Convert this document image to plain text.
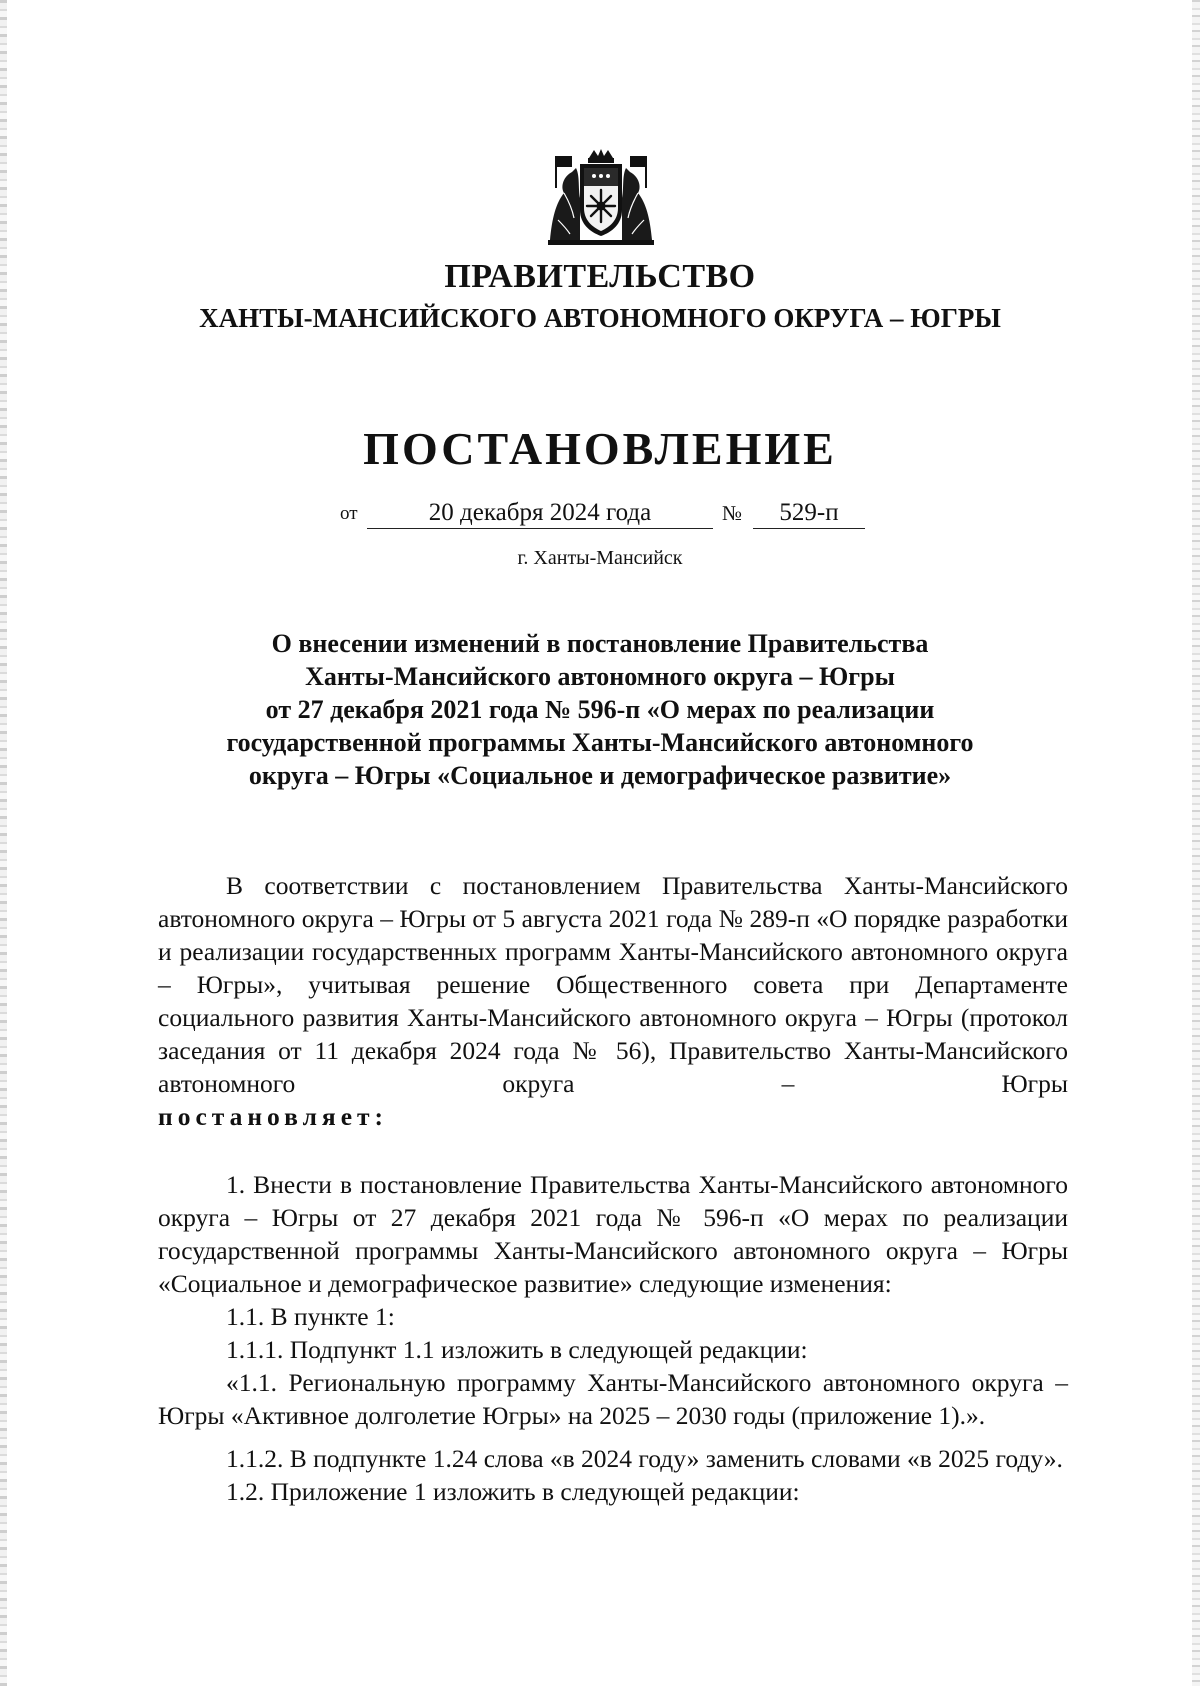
ПРАВИТЕЛЬСТВО
ХАНТЫ-МАНСИЙСКОГО АВТОНОМНОГО ОКРУГА – ЮГРЫ
ПОСТАНОВЛЕНИЕ
от	20 декабря 2024 года	№	529-п
г. Ханты-Мансийск
О внесении изменений в постановление Правительства
Ханты-Мансийского автономного округа – Югры
от 27 декабря 2021 года № 596-п «О мерах по реализации
государственной программы Ханты-Мансийского автономного
округа – Югры «Социальное и демографическое развитие»

В соответствии с постановлением Правительства Ханты-Мансийского автономного округа – Югры от 5 августа 2021 года № 289-п «О порядке разработки и реализации государственных программ Ханты-Мансийского автономного округа – Югры», учитывая решение Общественного совета при Департаменте социального развития Ханты-Мансийского автономного округа – Югры (протокол заседания от 11 декабря 2024 года № 56), Правительство Ханты-Мансийского автономного округа – Югры

постановляет:

1. Внести в постановление Правительства Ханты-Мансийского автономного округа – Югры от 27 декабря 2021 года № 596-п «О мерах по реализации государственной программы Ханты-Мансийского автономного округа – Югры «Социальное и демографическое развитие» следующие изменения:

1.1. В пункте 1:

1.1.1. Подпункт 1.1 изложить в следующей редакции:

«1.1. Региональную программу Ханты-Мансийского автономного округа – Югры «Активное долголетие Югры» на 2025 – 2030 годы (приложение 1).».

1.1.2. В подпункте 1.24 слова «в 2024 году» заменить словами «в 2025 году».

1.2. Приложение 1 изложить в следующей редакции:
